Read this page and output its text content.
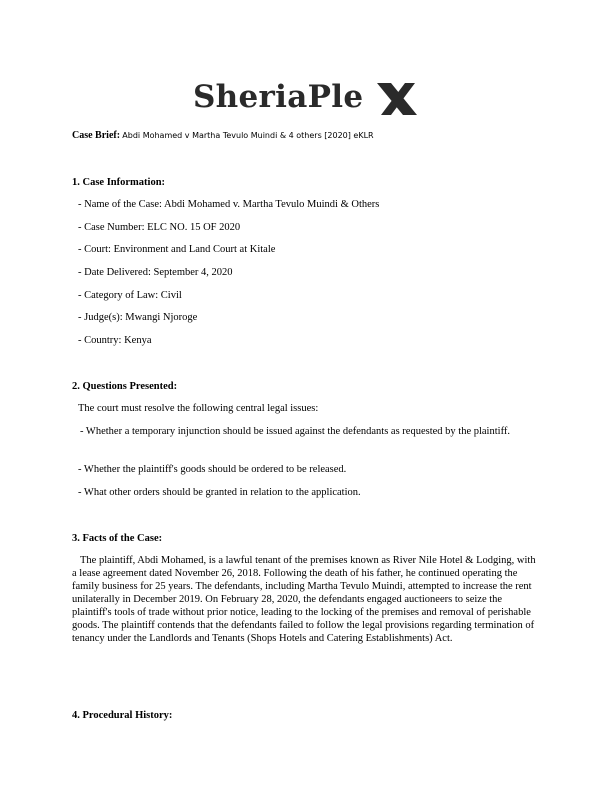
SheriaPle
Case Brief: Abdi Mohamed v Martha Tevulo Muindi & 4 others [2020] eKLR
1. Case Information:
- Name of the Case: Abdi Mohamed v. Martha Tevulo Muindi & Others
- Case Number: ELC NO. 15 OF 2020
- Court: Environment and Land Court at Kitale
- Date Delivered: September 4, 2020
- Category of Law: Civil
- Judge(s): Mwangi Njoroge
- Country: Kenya
2. Questions Presented:
The court must resolve the following central legal issues:
- Whether a temporary injunction should be issued against the defendants as requested by the plaintiff.
- Whether the plaintiff's goods should be ordered to be released.
- What other orders should be granted in relation to the application.
3. Facts of the Case:
The plaintiff, Abdi Mohamed, is a lawful tenant of the premises known as River Nile Hotel & Lodging, with a lease agreement dated November 26, 2018. Following the death of his father, he continued operating the family business for 25 years. The defendants, including Martha Tevulo Muindi, attempted to increase the rent unilaterally in December 2019. On February 28, 2020, the defendants engaged auctioneers to seize the plaintiff's tools of trade without prior notice, leading to the locking of the premises and removal of perishable goods. The plaintiff contends that the defendants failed to follow the legal provisions regarding termination of tenancy under the Landlords and Tenants (Shops Hotels and Catering Establishments) Act.
4. Procedural History:
